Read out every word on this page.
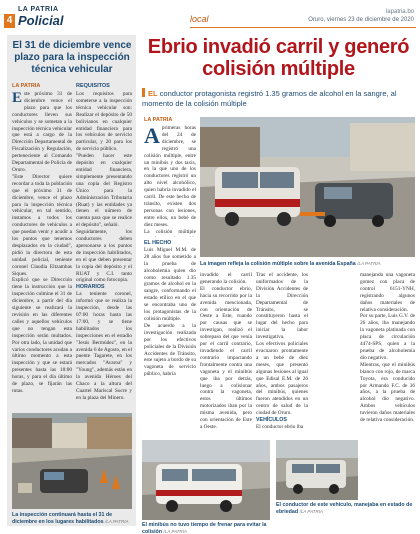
4
LA PATRIA
Policial	local
lapatria.bo
Oruro, viernes 23 de diciembre de 2020
El 31 de diciembre vence plazo para la inspección técnica vehicular
LA PATRIA
Este próximo 31 de diciembre vence el plazo para que los conductores lleven sus vehículos y se sometan a la inspección técnica vehicular que está a cargo de la Dirección Departamental de Fiscalización y Regulación, perteneciente al Comando Departamental de Policía de Oruro.
"Este Director quiere recordar a toda la población que el próximo 31 de diciembre, vence el plazo para la inspección técnica vehicular, en tal sentido, instamos a todos los conductores de vehículos a que puedan venir y acudir a los puntos que tenemos desplazados en la ciudad", pidió la directora de esta unidad policial, teniente coronel Claudia Eltzambas Siques.
Explicó que se Dirección tiene la instrucción que la inspección culmine el 31 de diciembre, a partir del día siguiente se realizará la revisión en las diferentes calles y aquellos vehículos que no tengan esta inspección serán multados. Por otra lado, la unidad que varios conductores acudan a último momento a esta inspección y que se estará presentes hasta las 18:00 horas, y para el día último de plazo, se fijarán las rutas.
REQUISITOS
Los requisitos para someterse a la inspección técnica vehicular son: Realizar el depósito de 50 bolivianos en cualquier entidad financiera para los vehículos de servicio particular, y 20 para los de servicio público.
"Pueden hacer este depósito en cualquier entidad financiera, simplemente presentando una copia del Registro Único para la Administración Tributaria (Ruat) y las entidades ya tienen el número de cuenta para que se realice el depósito", señaló.
Seguidamente, los conductores deben apersonarse a los puntos de inspección habilitados, en el que deben presentar la copia del depósito y el RUAT y C.I. tanto original como fotocopia.
HORARIOS
La teniente coronel, informó que se realiza la inspección, desde las 07:00 horas hasta las 17:00, y se tiene habilitados los inspecciones en el estadio "Jesús Bermúdez", en la avenida 6 de Agosto, en el puente Tagarete, en los mercados "Avaroa" y "Young", además están en la avenida Héroes del Chaco a la altura del Cuartel Mariscal Sucre y en la plaza del Minero.
La inspección continuará hasta el 31 de diciembre en los lugares habilitados /LA PATRIA
Ebrio invadió carril y generó colisión múltiple
EL conductor protagonista registró 1.35 gramos de alcohol en la sangre, al momento de la colisión múltiple
LA PATRIA
Aprimeras horas del 24 de diciembre, se registró una colisión múltiple, entre un minibús y dos taxis, en la que uno de los conductores registró un alto nivel alcohólico, quien habría invadido el carril. De este hecho de tránsito, existen dos personas con lesiones, entre ellos, un bebé de diez meses.
La colisión múltiple
La imagen refleja la colisión múltiple sobre la avenida España /LA PATRIA
EL HECHO
Luis Miguel M.M. de 28 años fue sometido a la prueba de alcoholemia quien dio como resultado 1.35 gramos de alcohol en la sangre, conformando el estado etílico en el que se encontraba uno de los protagonistas de la colisión múltiple.
De acuerdo a la investigación realizada por los efectivos policiales de la División Accidentes de Tránsito, este sujeto a bordo de su vagoneta de servicio público, habría
invadido el carril generando la colisión.
El conductor ebrio, hacia su recorrido por la avenida mencionada, con orientación de Oeste a Este, cuando por causas que se investigan, realizó el sobrepaso del que venía por el carril contrario, invadiendo el carril contrario impactando frontalmente contra una vagoneta y el minibús que iba por detrás, luego a colisionar contra la vagoneta, estos últimos motorizados iban por la misma avenida, pero con orientación de Este a Oeste.
Tras el accidente, los uniformados de la División Accidentes de la Dirección Departamental de Tránsito, se constituyeron hasta el lugar del hecho para iniciar la labor investigativa.
Los efectivos policiales evacuaron prontamente a un bebé de diez meses, que presentó algunas lesiones al igual que Edisal E.M. de 26 años, ambos pasajeros del minibús, quienes fueron atendidos en un centro de salud de la ciudad de Oruro.
VEHÍCULOS
El conductor ebrio iba
manejando una vagoneta gomez con placa de control 6151-YNH, registrando algunos daños materiales de relativa consideración.
Por su parte, Luis G.V. de 26 años, iba manejando la vagoneta platinada con placa de circulación 4474-SPS, quien a la prueba de alcoholemia dio negativo.
Mientras, que el minibús blanco con rojo, de marca Toyota, era conducido por Armando F.C. de 36 años, a la prueba de alcohol dio negativo. Ambos vehículos tuvieron daños materiales de relativa consideración.
El minibús no tuvo tiempo de frenar para evitar la colisión /LA PATRIA
El conductor de este vehículo, manejaba en estado de ebriedad /LA PATRIA
